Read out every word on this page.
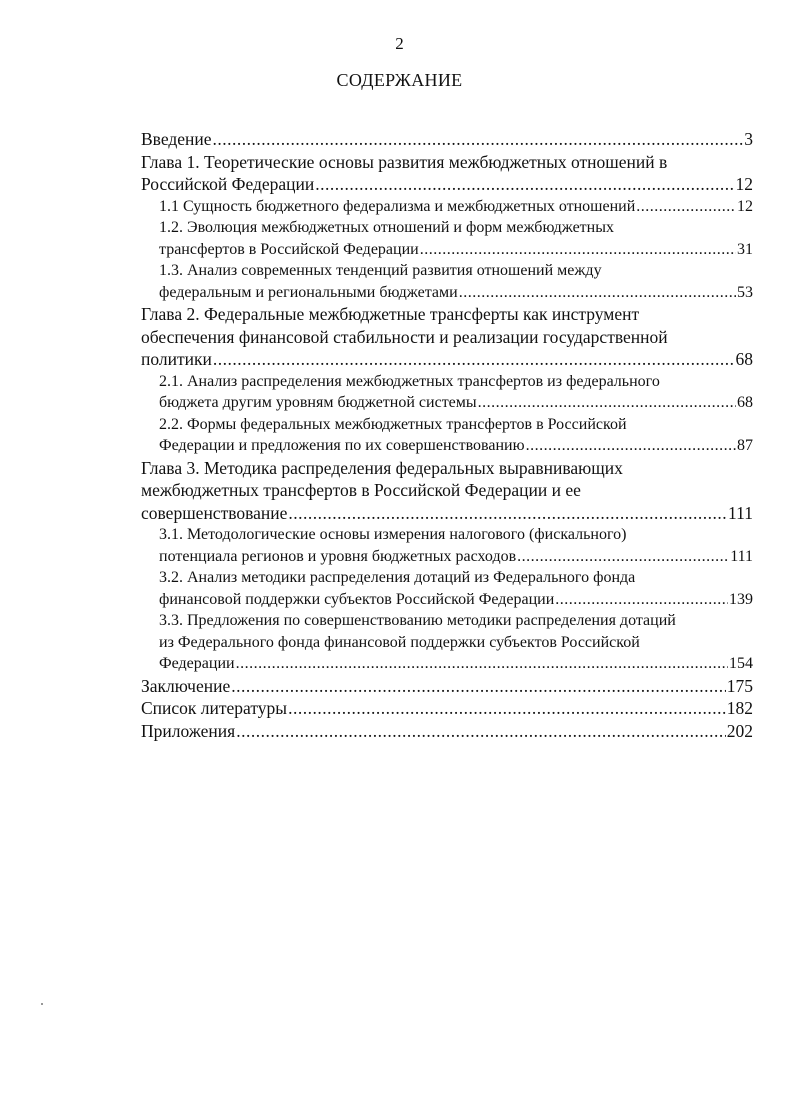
2
СОДЕРЖАНИЕ
Введение .....	3
Глава 1. Теоретические основы развития межбюджетных отношений в
Российской Федерации .....	12
1.1 Сущность бюджетного федерализма и межбюджетных отношений .....	12
1.2. Эволюция межбюджетных отношений и форм межбюджетных
трансфертов в Российской Федерации .....	31
1.3. Анализ современных тенденций развития отношений между
федеральным и региональными бюджетами .....	53
Глава 2. Федеральные межбюджетные трансферты как инструмент
обеспечения финансовой стабильности и реализации государственной
политики .....	68
2.1. Анализ распределения межбюджетных трансфертов из федерального
бюджета другим уровням бюджетной системы .....	68
2.2. Формы федеральных межбюджетных трансфертов в Российской
Федерации и предложения по их совершенствованию .....	87
Глава 3. Методика распределения федеральных выравнивающих
межбюджетных трансфертов в Российской Федерации и ее
совершенствование .....	111
3.1. Методологические основы измерения налогового (фискального)
потенциала регионов и уровня бюджетных расходов .....	111
3.2. Анализ методики распределения дотаций из Федерального фонда
финансовой поддержки субъектов Российской Федерации .....	139
3.3. Предложения по совершенствованию методики распределения дотаций
из Федерального фонда финансовой поддержки субъектов Российской
Федерации .....	154
Заключение .....	175
Список литературы .....	182
Приложения .....	202
